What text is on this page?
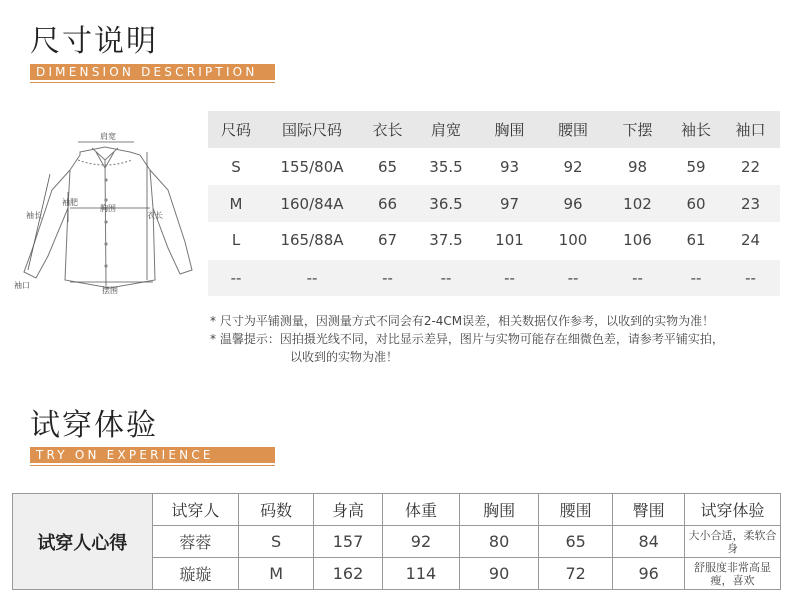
尺寸说明
DIMENSION DESCRIPTION
肩宽
袖长
袖肥
胸围
衣长
袖口
摆围
尺码	国际尺码	衣长	肩宽	胸围	腰围	下摆	袖长	袖口
S	155/80A	65	35.5	93	92	98	59	22
M	160/84A	66	36.5	97	96	102	60	23
L	165/88A	67	37.5	101	100	106	61	24
--	--	--	--	--	--	--	--	--
* 尺寸为平铺测量，因测量方式不同会有2-4CM误差，相关数据仅作参考，以收到的实物为准！
* 温馨提示：因拍摄光线不同，对比显示差异，图片与实物可能存在细微色差，请参考平铺实拍，
以收到的实物为准！
试穿体验
TRY ON EXPERIENCE
试穿人心得	试穿人	码数	身高	体重	胸围	腰围	臀围	试穿体验
	蓉蓉	S	157	92	80	65	84	大小合适，柔软合身
	璇璇	M	162	114	90	72	96	舒服度非常高显瘦，喜欢
